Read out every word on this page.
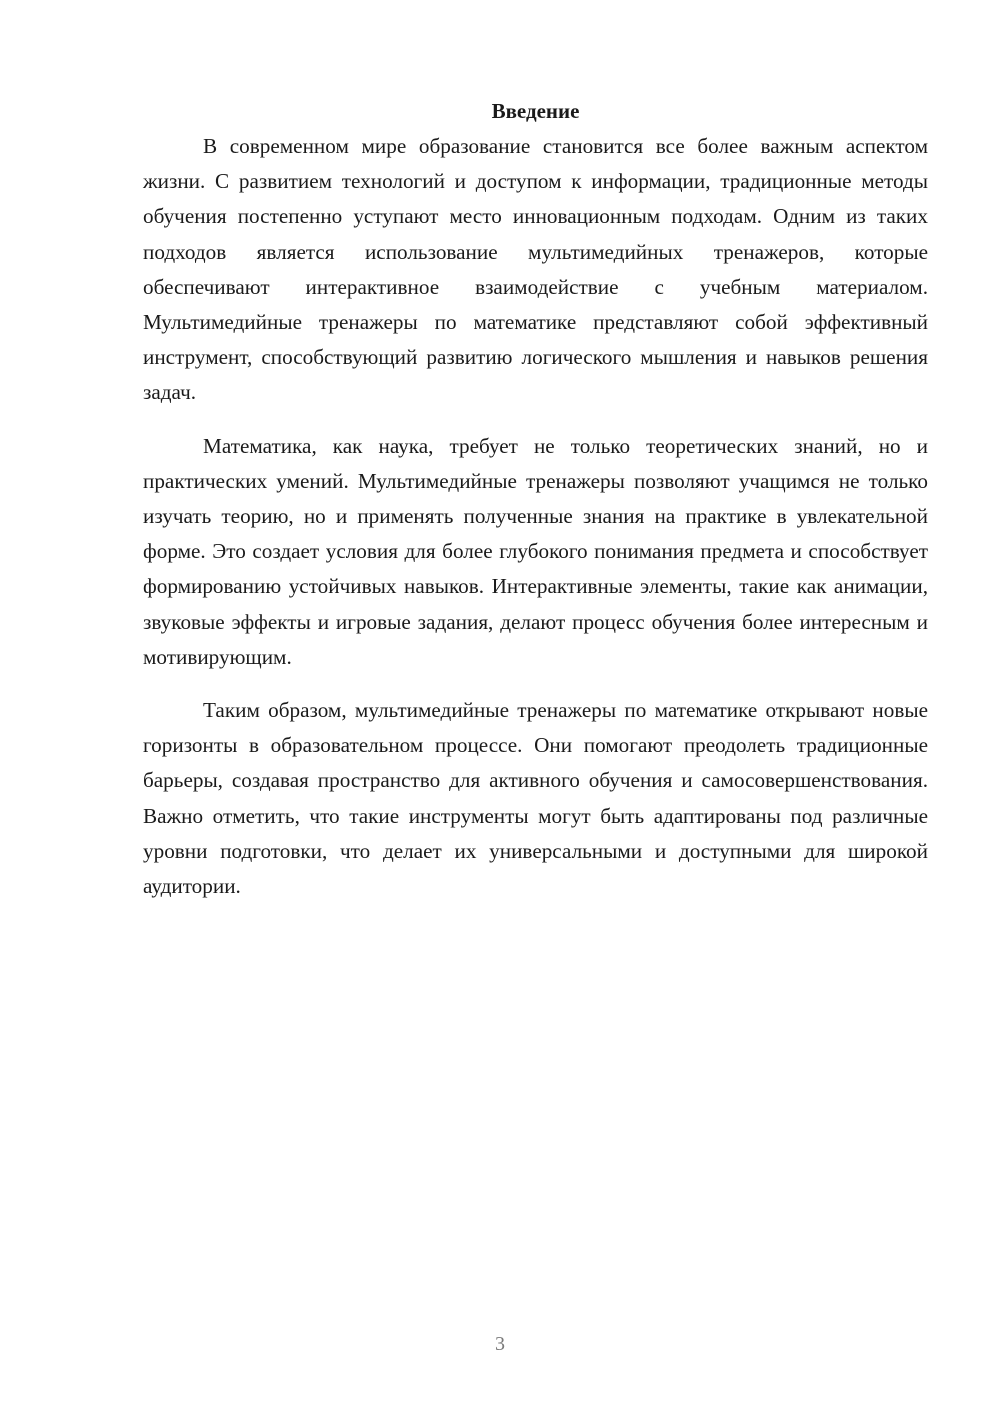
Введение

В современном мире образование становится все более важным аспектом жизни. С развитием технологий и доступом к информации, традиционные методы обучения постепенно уступают место инновационным подходам. Одним из таких подходов является использование мультимедийных тренажеров, которые обеспечивают интерактивное взаимодействие с учебным материалом. Мультимедийные тренажеры по математике представляют собой эффективный инструмент, способствующий развитию логического мышления и навыков решения задач.

Математика, как наука, требует не только теоретических знаний, но и практических умений. Мультимедийные тренажеры позволяют учащимся не только изучать теорию, но и применять полученные знания на практике в увлекательной форме. Это создает условия для более глубокого понимания предмета и способствует формированию устойчивых навыков. Интерактивные элементы, такие как анимации, звуковые эффекты и игровые задания, делают процесс обучения более интересным и мотивирующим.

Таким образом, мультимедийные тренажеры по математике открывают новые горизонты в образовательном процессе. Они помогают преодолеть традиционные барьеры, создавая пространство для активного обучения и самосовершенствования. Важно отметить, что такие инструменты могут быть адаптированы под различные уровни подготовки, что делает их универсальными и доступными для широкой аудитории.

3
